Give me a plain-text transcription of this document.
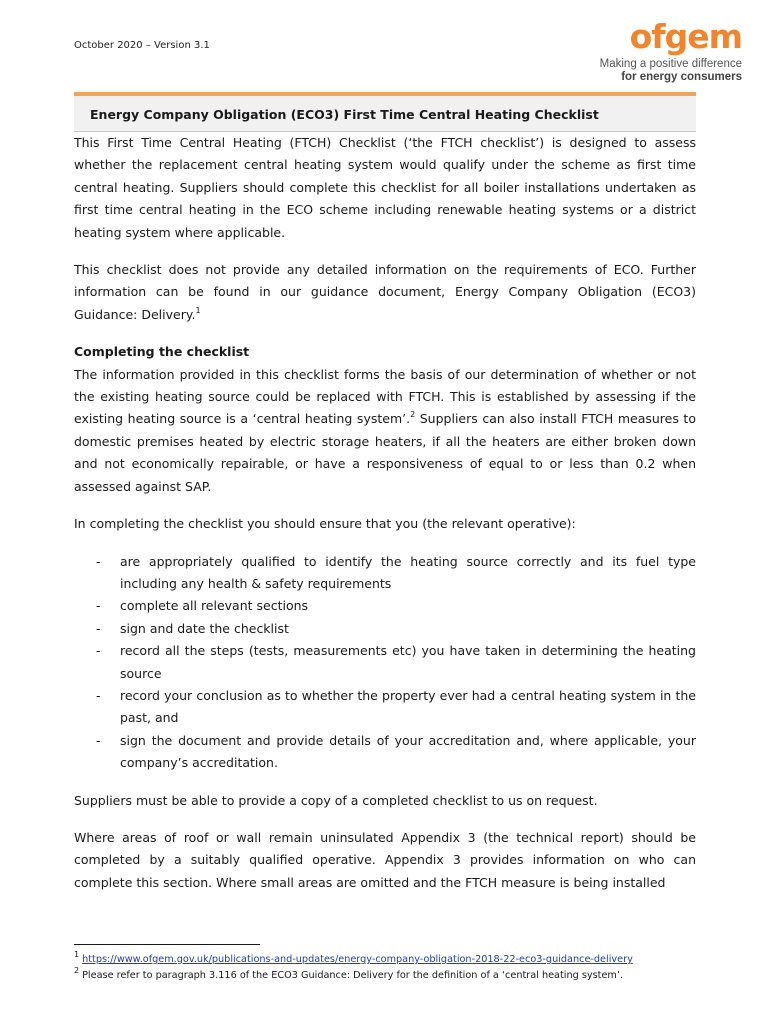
October 2020 – Version 3.1	ofgem
Making a positive difference
for energy consumers
Energy Company Obligation (ECO3) First Time Central Heating Checklist

This First Time Central Heating (FTCH) Checklist (‘the FTCH checklist’) is designed to assess whether the replacement central heating system would qualify under the scheme as first time central heating. Suppliers should complete this checklist for all boiler installations undertaken as first time central heating in the ECO scheme including renewable heating systems or a district heating system where applicable.

This checklist does not provide any detailed information on the requirements of ECO. Further information can be found in our guidance document, Energy Company Obligation (ECO3) Guidance: Delivery.$^1$

Completing the checklist

The information provided in this checklist forms the basis of our determination of whether or not the existing heating source could be replaced with FTCH. This is established by assessing if the existing heating source is a ‘central heating system’.$^2$ Suppliers can also install FTCH measures to domestic premises heated by electric storage heaters, if all the heaters are either broken down and not economically repairable, or have a responsiveness of equal to or less than 0.2 when assessed against SAP.

In completing the checklist you should ensure that you (the relevant operative):

- are appropriately qualified to identify the heating source correctly and its fuel type including any health & safety requirements
- complete all relevant sections
- sign and date the checklist
- record all the steps (tests, measurements etc) you have taken in determining the heating source
- record your conclusion as to whether the property ever had a central heating system in the past, and
- sign the document and provide details of your accreditation and, where applicable, your company’s accreditation.

Suppliers must be able to provide a copy of a completed checklist to us on request.

Where areas of roof or wall remain uninsulated Appendix 3 (the technical report) should be completed by a suitably qualified operative. Appendix 3 provides information on who can complete this section. Where small areas are omitted and the FTCH measure is being installed

$^1$ https://www.ofgem.gov.uk/publications-and-updates/energy-company-obligation-2018-22-eco3-guidance-delivery
$^2$ Please refer to paragraph 3.116 of the ECO3 Guidance: Delivery for the definition of a ‘central heating system’.
